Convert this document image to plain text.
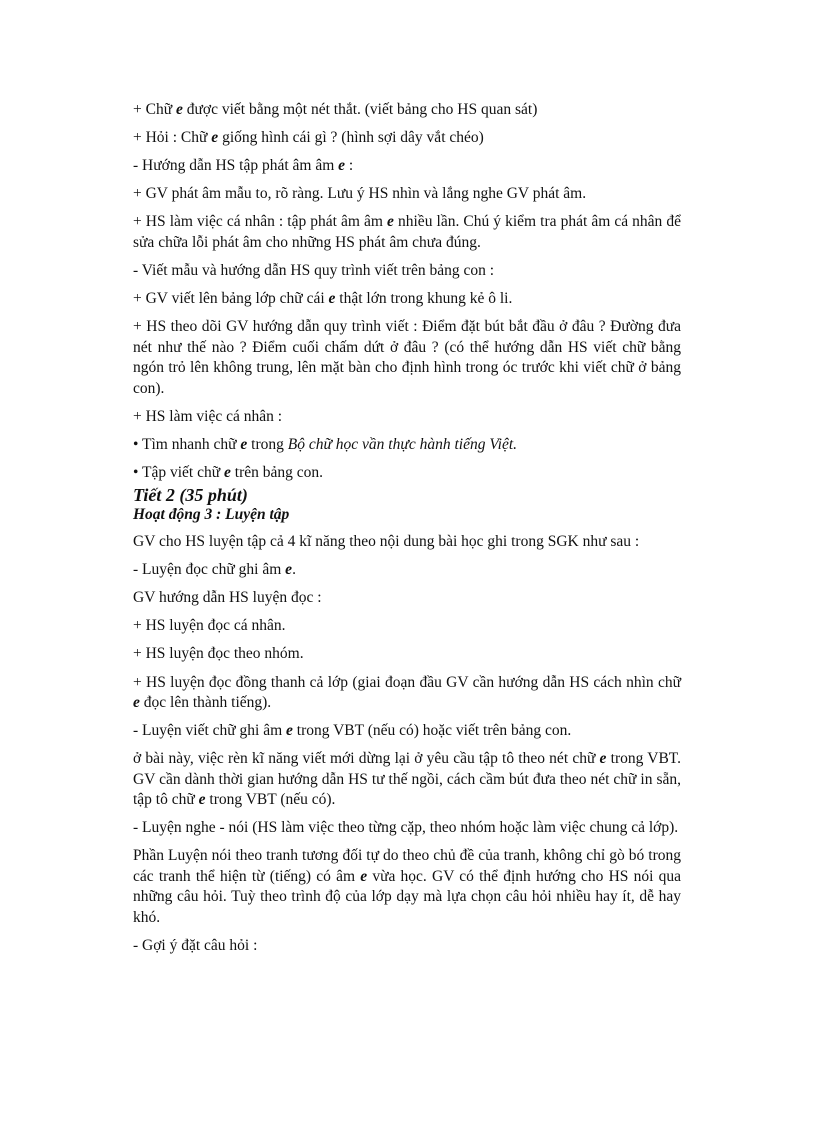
+ Chữ e được viết bằng một nét thắt. (viết bảng cho HS quan sát)

+ Hỏi : Chữ e giống hình cái gì ? (hình sợi dây vắt chéo)

- Hướng dẫn HS tập phát âm âm e :

+ GV phát âm mẫu to, rõ ràng. Lưu ý HS nhìn và lắng nghe GV phát âm.

+ HS làm việc cá nhân : tập phát âm âm e nhiều lần. Chú ý kiểm tra phát âm cá nhân để sửa chữa lỗi phát âm cho những HS phát âm chưa đúng.

- Viết mẫu và hướng dẫn HS quy trình viết trên bảng con :

+ GV viết lên bảng lớp chữ cái e thật lớn trong khung kẻ ô li.

+ HS theo dõi GV hướng dẫn quy trình viết : Điểm đặt bút bắt đầu ở đâu ? Đường đưa nét như thế nào ? Điểm cuối chấm dứt ở đâu ? (có thể hướng dẫn HS viết chữ bằng ngón trỏ lên không trung, lên mặt bàn cho định hình trong óc trước khi viết chữ ở bảng con).

+ HS làm việc cá nhân :

• Tìm nhanh chữ e trong Bộ chữ học vần thực hành tiếng Việt.

• Tập viết chữ e trên bảng con.

Tiết 2 (35 phút)

Hoạt động 3 : Luyện tập

GV cho HS luyện tập cả 4 kĩ năng theo nội dung bài học ghi trong SGK như sau :

- Luyện đọc chữ ghi âm e.

GV hướng dẫn HS luyện đọc :

+ HS luyện đọc cá nhân.

+ HS luyện đọc theo nhóm.

+ HS luyện đọc đồng thanh cả lớp (giai đoạn đầu GV cần hướng dẫn HS cách nhìn chữ e đọc lên thành tiếng).

- Luyện viết chữ ghi âm e trong VBT (nếu có) hoặc viết trên bảng con.

ở bài này, việc rèn kĩ năng viết mới dừng lại ở yêu cầu tập tô theo nét chữ e trong VBT. GV cần dành thời gian hướng dẫn HS tư thế ngồi, cách cầm bút đưa theo nét chữ in sẵn, tập tô chữ e trong VBT (nếu có).

- Luyện nghe - nói (HS làm việc theo từng cặp, theo nhóm hoặc làm việc chung cả lớp).

Phần Luyện nói theo tranh tương đối tự do theo chủ đề của tranh, không chỉ gò bó trong các tranh thể hiện từ (tiếng) có âm e vừa học. GV có thể định hướng cho HS nói qua những câu hỏi. Tuỳ theo trình độ của lớp dạy mà lựa chọn câu hỏi nhiều hay ít, dễ hay khó.

- Gợi ý đặt câu hỏi :
